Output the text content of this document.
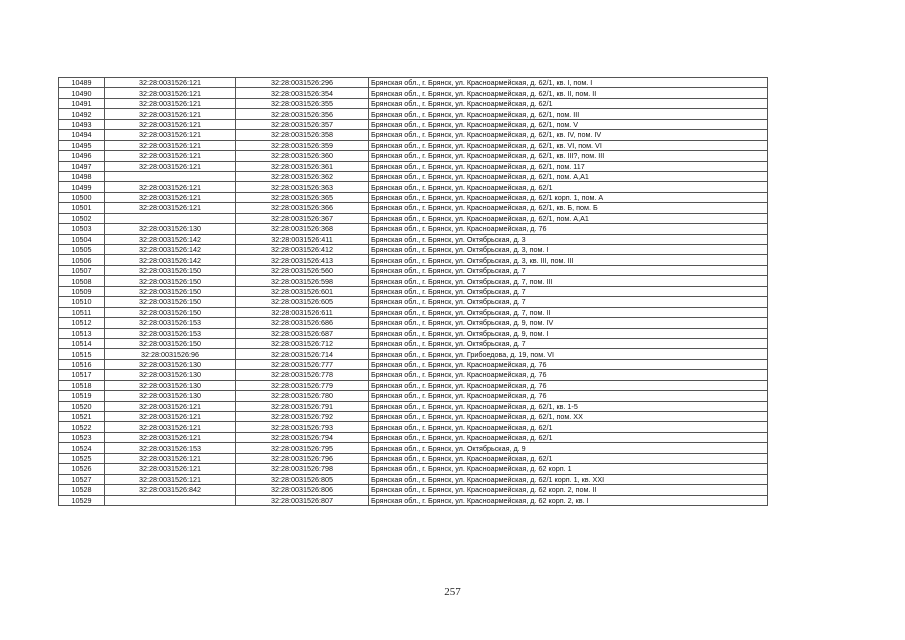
10489	32:28:0031526:121	32:28:0031526:296	Брянская обл., г. Брянск, ул. Красноармейская, д. 62/1, кв. I, пом. I
10490	32:28:0031526:121	32:28:0031526:354	Брянская обл., г. Брянск, ул. Красноармейская, д. 62/1, кв. II, пом. II
10491	32:28:0031526:121	32:28:0031526:355	Брянская обл., г. Брянск, ул. Красноармейская, д. 62/1
10492	32:28:0031526:121	32:28:0031526:356	Брянская обл., г. Брянск, ул. Красноармейская, д. 62/1, пом. III
10493	32:28:0031526:121	32:28:0031526:357	Брянская обл., г. Брянск, ул. Красноармейская, д. 62/1, пом. V
10494	32:28:0031526:121	32:28:0031526:358	Брянская обл., г. Брянск, ул. Красноармейская, д. 62/1, кв. IV, пом. IV
10495	32:28:0031526:121	32:28:0031526:359	Брянская обл., г. Брянск, ул. Красноармейская, д. 62/1, кв. VI, пом. VI
10496	32:28:0031526:121	32:28:0031526:360	Брянская обл., г. Брянск, ул. Красноармейская, д. 62/1, кв. III?, пом. III
10497	32:28:0031526:121	32:28:0031526:361	Брянская обл., г. Брянск, ул. Красноармейская, д. 62/1, пом. 117
10498		32:28:0031526:362	Брянская обл., г. Брянск, ул. Красноармейская, д. 62/1, пом. А,А1
10499	32:28:0031526:121	32:28:0031526:363	Брянская обл., г. Брянск, ул. Красноармейская, д. 62/1
10500	32:28:0031526:121	32:28:0031526:365	Брянская обл., г. Брянск, ул. Красноармейская, д. 62/1 корп. 1, пом. А
10501	32:28:0031526:121	32:28:0031526:366	Брянская обл., г. Брянск, ул. Красноармейская, д. 62/1, кв. Б, пом. Б
10502		32:28:0031526:367	Брянская обл., г. Брянск, ул. Красноармейская, д. 62/1, пом. А,А1
10503	32:28:0031526:130	32:28:0031526:368	Брянская обл., г. Брянск, ул. Красноармейская, д. 76
10504	32:28:0031526:142	32:28:0031526:411	Брянская обл., г. Брянск, ул. Октябрьская, д. 3
10505	32:28:0031526:142	32:28:0031526:412	Брянская обл., г. Брянск, ул. Октябрьская, д. 3, пом. I
10506	32:28:0031526:142	32:28:0031526:413	Брянская обл., г. Брянск, ул. Октябрьская, д. 3, кв. III, пом. III
10507	32:28:0031526:150	32:28:0031526:560	Брянская обл., г. Брянск, ул. Октябрьская, д. 7
10508	32:28:0031526:150	32:28:0031526:598	Брянская обл., г. Брянск, ул. Октябрьская, д. 7, пом. III
10509	32:28:0031526:150	32:28:0031526:601	Брянская обл., г. Брянск, ул. Октябрьская, д. 7
10510	32:28:0031526:150	32:28:0031526:605	Брянская обл., г. Брянск, ул. Октябрьская, д. 7
10511	32:28:0031526:150	32:28:0031526:611	Брянская обл., г. Брянск, ул. Октябрьская, д. 7, пом. II
10512	32:28:0031526:153	32:28:0031526:686	Брянская обл., г. Брянск, ул. Октябрьская, д. 9, пом. IV
10513	32:28:0031526:153	32:28:0031526:687	Брянская обл., г. Брянск, ул. Октябрьская, д. 9, пом. I
10514	32:28:0031526:150	32:28:0031526:712	Брянская обл., г. Брянск, ул. Октябрьская, д. 7
10515	32:28:0031526:96	32:28:0031526:714	Брянская обл., г. Брянск, ул. Грибоедова, д. 19, пом. VI
10516	32:28:0031526:130	32:28:0031526:777	Брянская обл., г. Брянск, ул. Красноармейская, д. 76
10517	32:28:0031526:130	32:28:0031526:778	Брянская обл., г. Брянск, ул. Красноармейская, д. 76
10518	32:28:0031526:130	32:28:0031526:779	Брянская обл., г. Брянск, ул. Красноармейская, д. 76
10519	32:28:0031526:130	32:28:0031526:780	Брянская обл., г. Брянск, ул. Красноармейская, д. 76
10520	32:28:0031526:121	32:28:0031526:791	Брянская обл., г. Брянск, ул. Красноармейская, д. 62/1, кв. 1-5
10521	32:28:0031526:121	32:28:0031526:792	Брянская обл., г. Брянск, ул. Красноармейская, д. 62/1, пом. XX
10522	32:28:0031526:121	32:28:0031526:793	Брянская обл., г. Брянск, ул. Красноармейская, д. 62/1
10523	32:28:0031526:121	32:28:0031526:794	Брянская обл., г. Брянск, ул. Красноармейская, д. 62/1
10524	32:28:0031526:153	32:28:0031526:795	Брянская обл., г. Брянск, ул. Октябрьская, д. 9
10525	32:28:0031526:121	32:28:0031526:796	Брянская обл., г. Брянск, ул. Красноармейская, д. 62/1
10526	32:28:0031526:121	32:28:0031526:798	Брянская обл., г. Брянск, ул. Красноармейская, д. 62 корп. 1
10527	32:28:0031526:121	32:28:0031526:805	Брянская обл., г. Брянск, ул. Красноармейская, д. 62/1 корп. 1, кв. XXI
10528	32:28:0031526:842	32:28:0031526:806	Брянская обл., г. Брянск, ул. Красноармейская, д. 62 корп. 2, пом. II
10529		32:28:0031526:807	Брянская обл., г. Брянск, ул. Красноармейская, д. 62 корп. 2, кв. I
257
